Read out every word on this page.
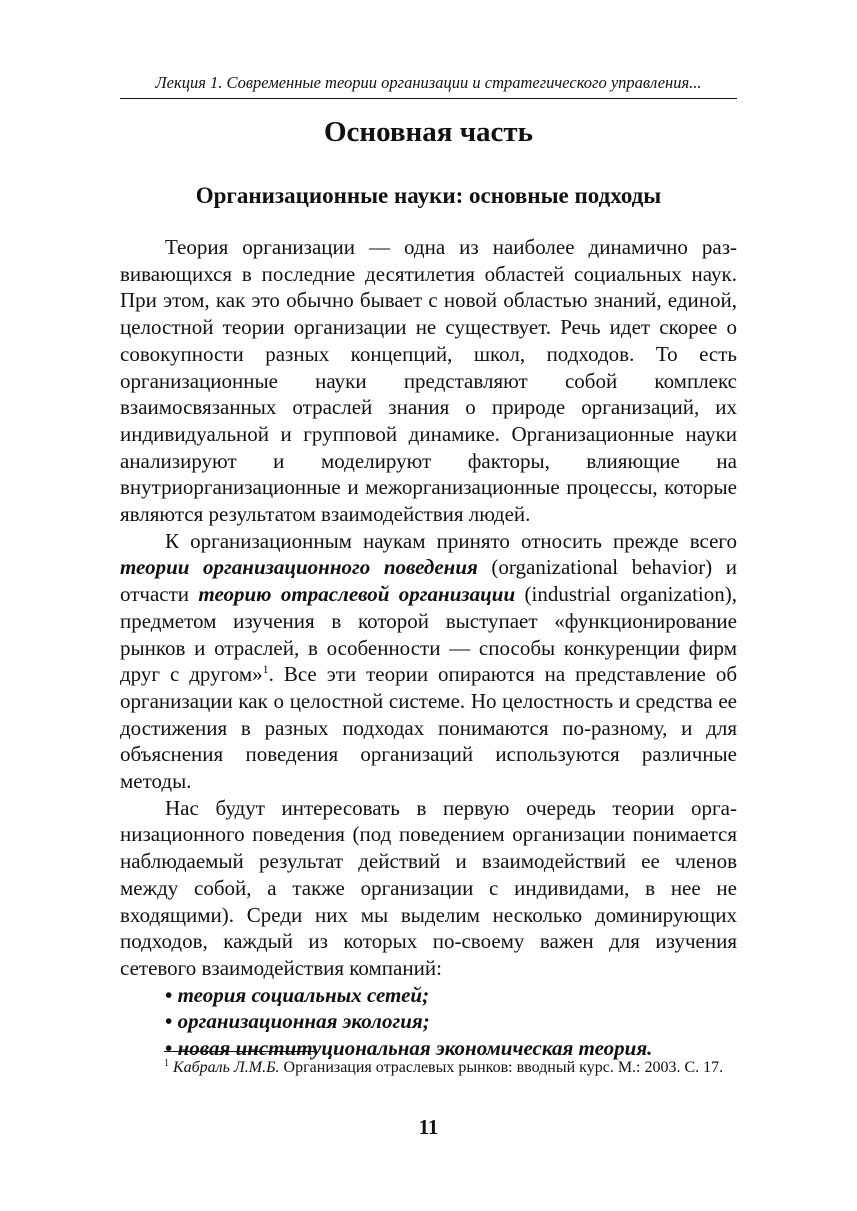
Лекция 1. Современные теории организации и стратегического управления...
Основная часть
Организационные науки: основные подходы

Теория организации — одна из наиболее динамично развивающихся в последние десятилетия областей социальных наук. При этом, как это обычно бывает с новой областью знаний, единой, целостной теории организации не существует. Речь идет скорее о совокупности разных концепций, школ, подходов. То есть организационные науки представляют собой комплекс взаимосвязанных отраслей знания о природе организаций, их индивидуальной и групповой динамике. Организационные науки анализируют и моделируют факторы, влияющие на внутриорганизационные и межорганизационные процессы, которые являются результатом взаимодействия людей.

К организационным наукам принято относить прежде всего теории организационного поведения (organizational behavior) и отчасти теорию отраслевой организации (industrial organization), предметом изучения в которой выступает «функционирование рынков и отраслей, в особенности — способы конкуренции фирм друг с другом»$^1$. Все эти теории опираются на представление об организации как о целостной системе. Но целостность и средства ее достижения в разных подходах понимаются по-разному, и для объяснения поведения организаций используются различные методы.

Нас будут интересовать в первую очередь теории организационного поведения (под поведением организации понимается наблюдаемый результат действий и взаимодействий ее членов между собой, а также организации с индивидами, в нее не входящими). Среди них мы выделим несколько доминирующих подходов, каждый из которых по-своему важен для изучения сетевого взаимодействия компаний:

• теория социальных сетей;
• организационная экология;
• новая институциональная экономическая теория.
$^1$ Кабраль Л.М.Б. Организация отраслевых рынков: вводный курс. М.: 2003. С. 17.
11
